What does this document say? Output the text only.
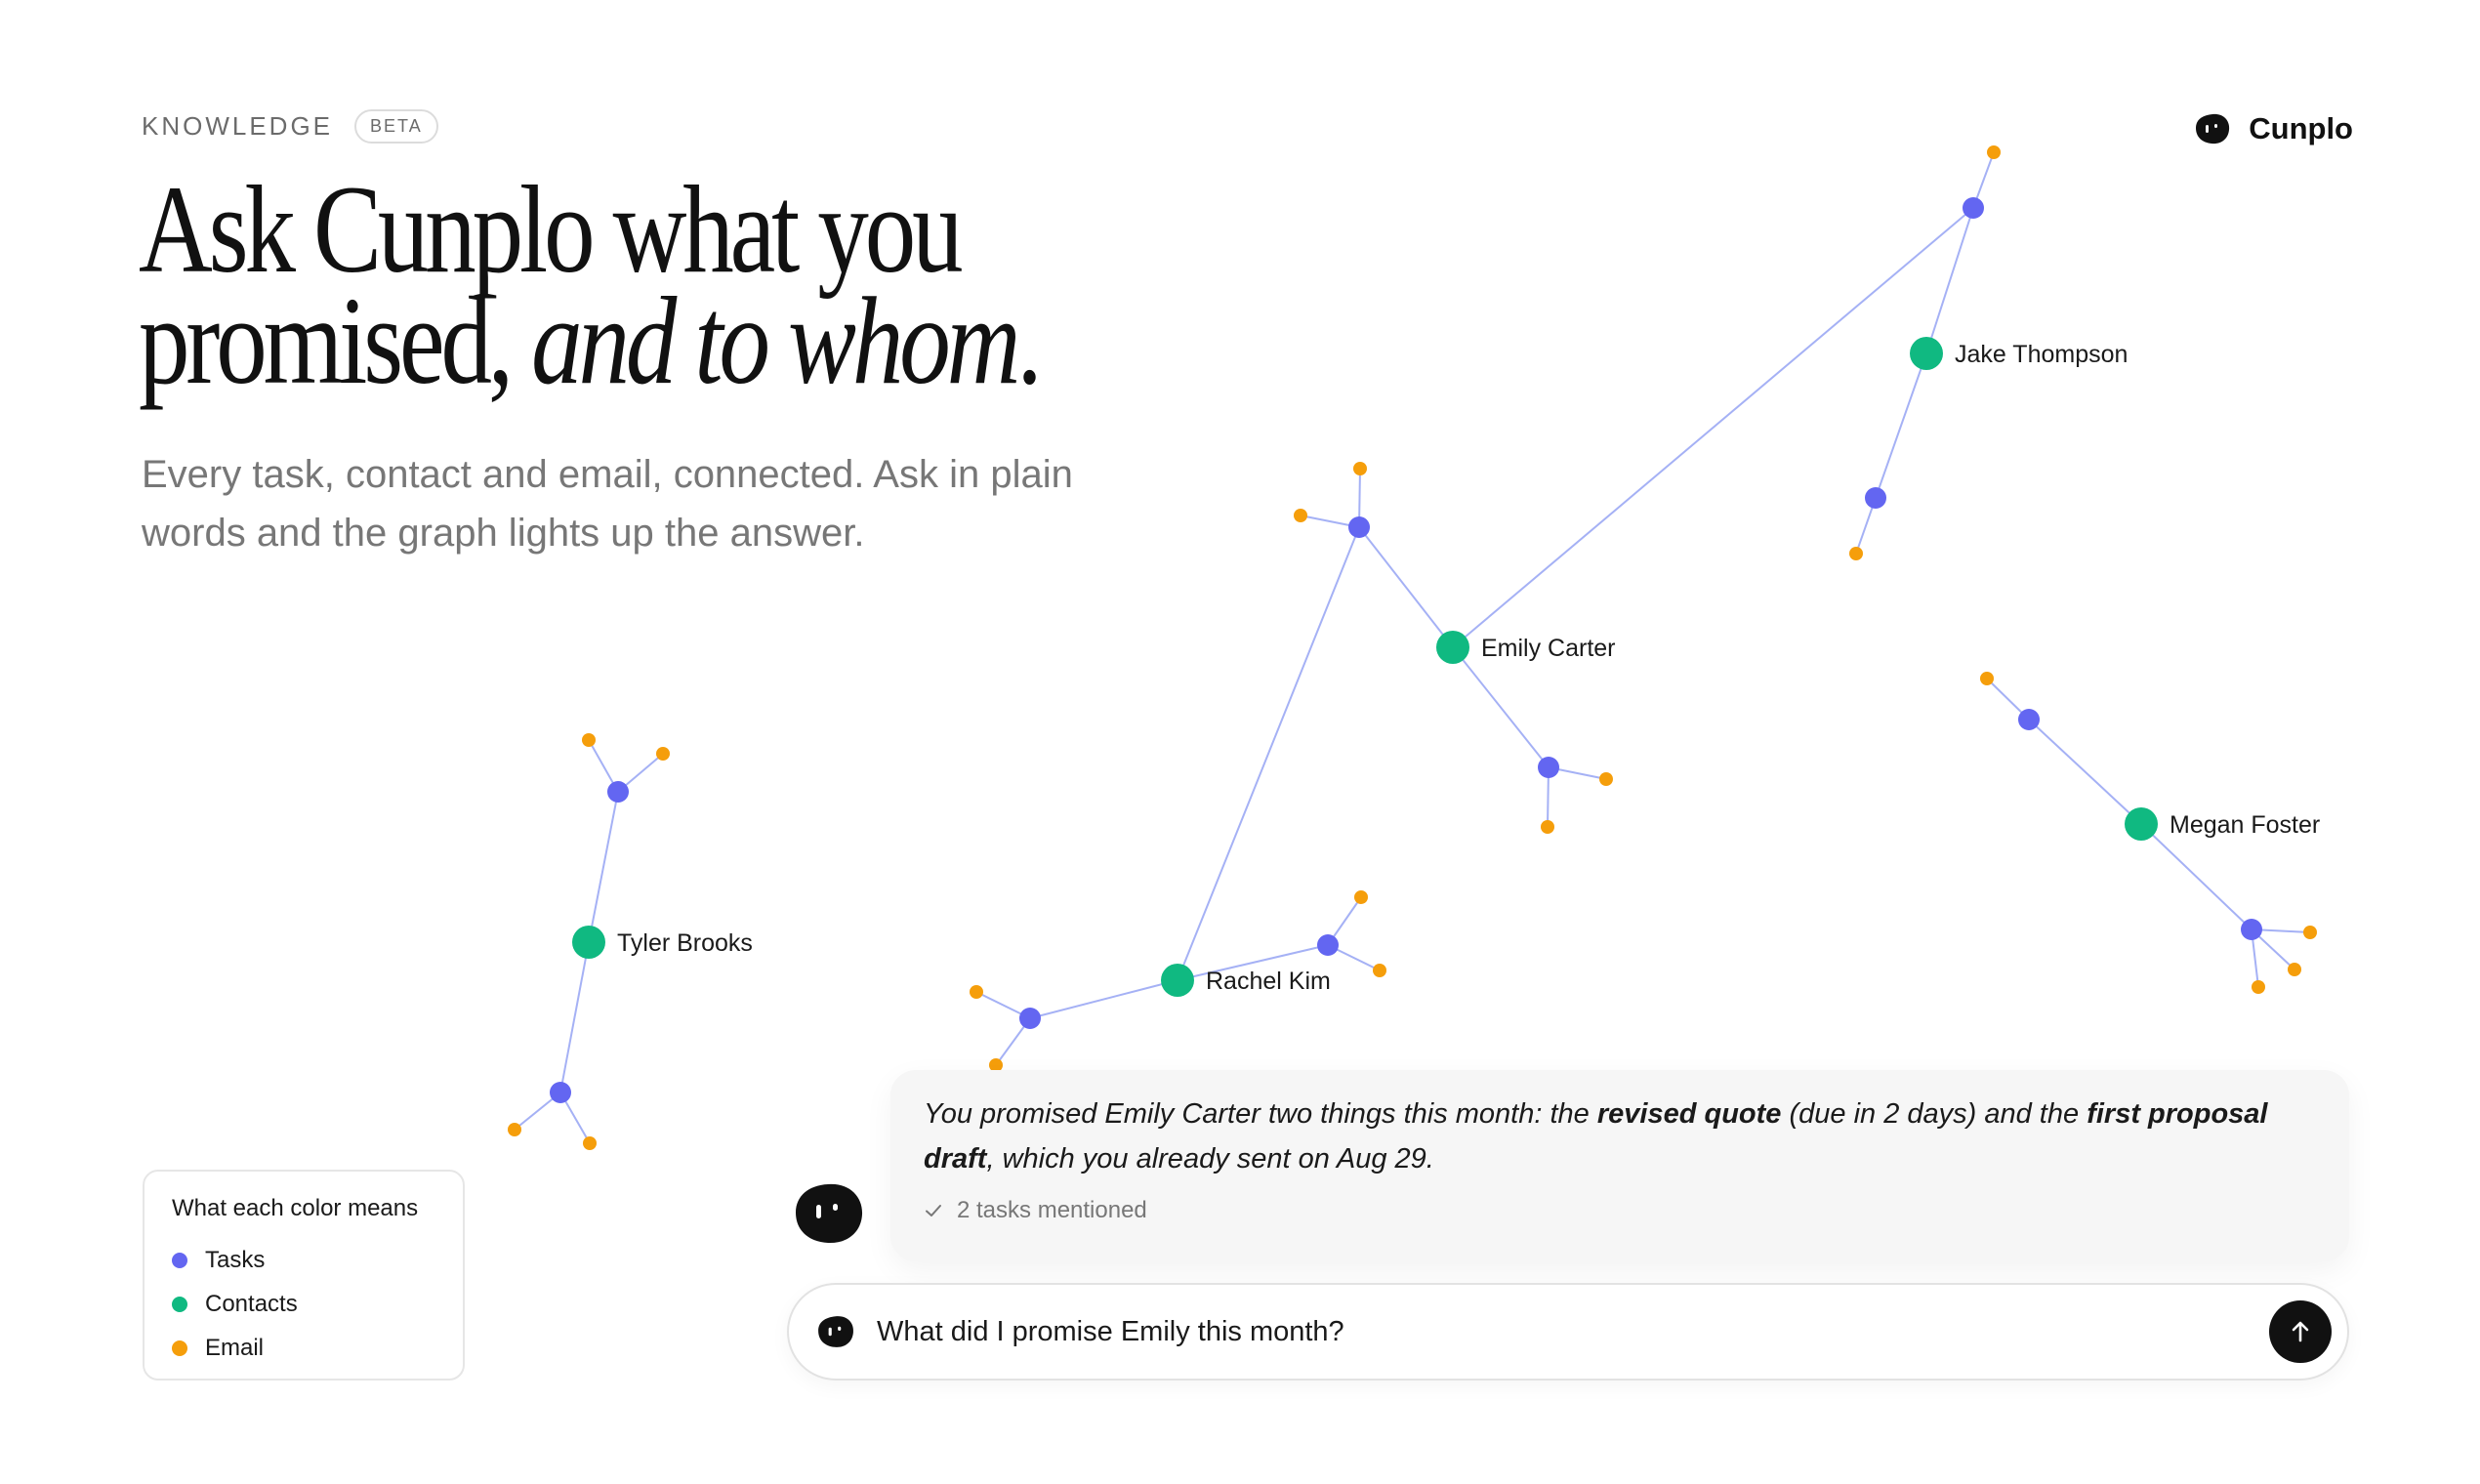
KNOWLEDGE	BETA
Ask Cunplo what you
promised, and to whom.

Every task, contact and email, connected. Ask in plain
words and the graph lights up the answer.

Cunplo
Jake Thompson
Emily Carter
Megan Foster
Tyler Brooks
Rachel Kim
What each color means
Tasks
Contacts
Email

You promised Emily Carter two things this month: the revised quote (due in 2 days) and the first proposal draft, which you already sent on Aug 29.

2 tasks mentioned
What did I promise Emily this month?
